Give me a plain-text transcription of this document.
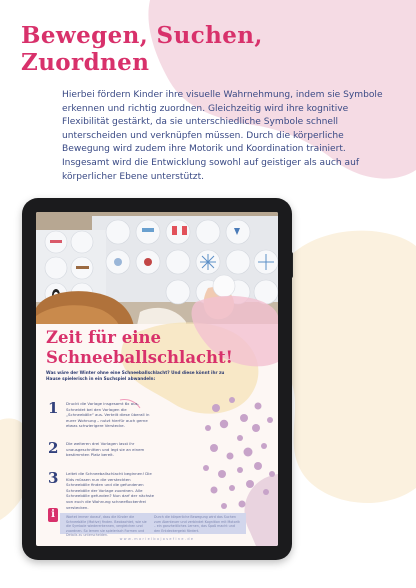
Bewegen, Suchen,
Zuordnen

Hierbei fördern Kinder ihre visuelle Wahrnehmung, indem sie Symbole erkennen und richtig zuordnen. Gleichzeitig wird ihre kognitive Flexibilität gestärkt, da sie unterschiedliche Symbole schnell unterscheiden und verknüpfen müssen. Durch die körperliche Bewegung wird zudem ihre Motorik und Koordination trainiert. Insgesamt wird die Entwicklung sowohl auf geistiger als auch auf körperlicher Ebene unterstützt.

Zeit für eine
Schneeballschlacht!

Was wäre der Winter ohne eine Schneeballschlacht? Und diese könnt ihr zu Hause spielerisch in ein Suchspiel abwandeln:

1	Druckt die Vorlage insgesamt 6x aus. Schneidet bei den Vorlagen die „Schneebälle“ aus. Verteilt diese überall in eurer Wohnung – nutzt hierfür auch gerne etwas schwierigere Verstecke.

2	Die weiteren drei Vorlagen lasst ihr unausgeschnitten und legt sie an einem bestimmten Platz bereit.

3	Leitet die Schneeballschlacht beginnen! Die Kids müssen nun die versteckten Schneebälle finden und die gefundenen Schneebälle der Vorlage zuordnen. Alle Schneebälle gefunden? Nun darf der nächste von euch die Wohnung schneeflockenfrei verstecken.

i	Wartet immer darauf, dass die Kinder die Schneebälle (Motive) finden. Beobachtet, wie sie die Symbole wiedererkennen, vergleichen und zuordnen. So lernen sie spielerisch Formen und Details zu unterscheiden.

Durch die körperliche Bewegung wird das Suchen zum Abenteuer und verbindet Kognition mit Motorik – ein ganzheitliches Lernen, das Spaß macht und den Entdeckergeist fördert.

www.marielbojosefine.de
